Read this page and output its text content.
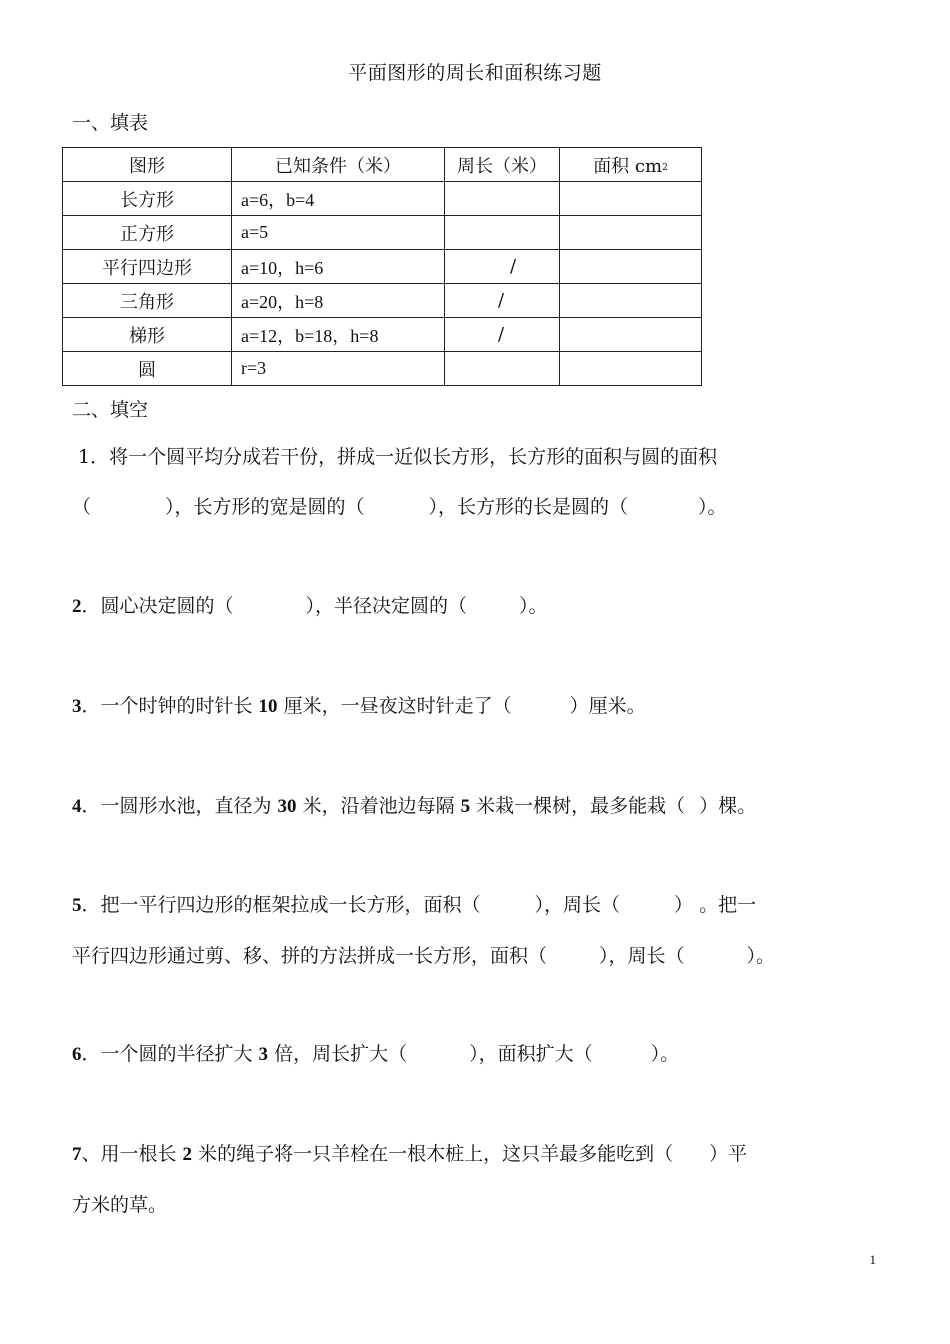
平面图形的周长和面积练习题
一、填表
图形	已知条件（米）	周长（米）	面积 $cm^2$
长方形	a=6，b=4		
正方形	a=5		
平行四边形	a=10，h=6	/	
三角形	a=20，h=8	/	
梯形	a=12，b=18，h=8	/	
圆	r=3		
二、填空
1．将一个圆平均分成若干份，拼成一近似长方形，长方形的面积与圆的面积
（	），长方形的宽是圆的（	），长方形的长是圆的（	）。
2．圆心决定圆的（	），半径决定圆的（	）。
3．一个时钟的时针长 10 厘米，一昼夜这时针走了（	）厘米。
4．一圆形水池，直径为 30 米，沿着池边每隔 5 米栽一棵树，最多能栽（ ）棵。
5．把一平行四边形的框架拉成一长方形，面积（	），周长（	） 。把一
平行四边形通过剪、移、拼的方法拼成一长方形，面积（	），周长（	）。
6．一个圆的半径扩大 3 倍，周长扩大（	），面积扩大（	）。
7、用一根长 2 米的绳子将一只羊栓在一根木桩上，这只羊最多能吃到（ ）平
方米的草。
1
